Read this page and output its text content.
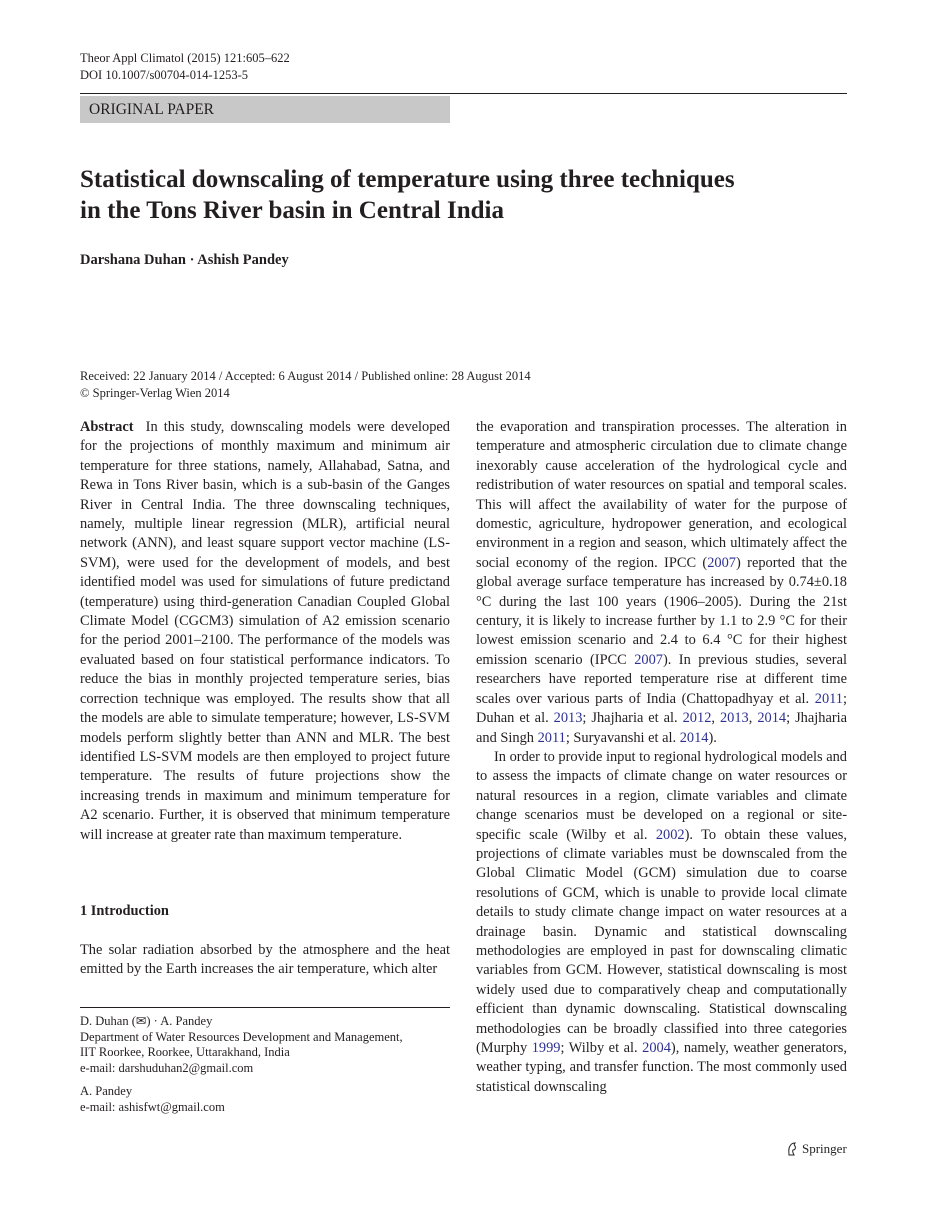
Theor Appl Climatol (2015) 121:605–622
DOI 10.1007/s00704-014-1253-5
ORIGINAL PAPER
Statistical downscaling of temperature using three techniques
in the Tons River basin in Central India
Darshana Duhan · Ashish Pandey
Received: 22 January 2014 / Accepted: 6 August 2014 / Published online: 28 August 2014
© Springer-Verlag Wien 2014

Abstract In this study, downscaling models were developed for the projections of monthly maximum and minimum air temperature for three stations, namely, Allahabad, Satna, and Rewa in Tons River basin, which is a sub-basin of the Ganges River in Central India. The three downscaling techniques, namely, multiple linear regression (MLR), artificial neural network (ANN), and least square support vector machine (LS-SVM), were used for the development of models, and best identified model was used for simulations of future predictand (temperature) using third-generation Canadian Coupled Global Climate Model (CGCM3) simulation of A2 emission scenario for the period 2001–2100. The performance of the models was evaluated based on four statistical performance indicators. To reduce the bias in monthly projected temperature series, bias correction technique was employed. The results show that all the models are able to simulate temperature; however, LS-SVM models perform slightly better than ANN and MLR. The best identified LS-SVM models are then employed to project future temperature. The results of future projections show the increasing trends in maximum and minimum temperature for A2 scenario. Further, it is observed that minimum temperature will increase at greater rate than maximum temperature.

1 Introduction

The solar radiation absorbed by the atmosphere and the heat emitted by the Earth increases the air temperature, which alter

D. Duhan (✉) · A. Pandey

Department of Water Resources Development and Management,

IIT Roorkee, Roorkee, Uttarakhand, India

e-mail: darshuduhan2@gmail.com

A. Pandey

e-mail: ashisfwt@gmail.com

the evaporation and transpiration processes. The alteration in temperature and atmospheric circulation due to climate change inexorably cause acceleration of the hydrological cycle and redistribution of water resources on spatial and temporal scales. This will affect the availability of water for the purpose of domestic, agriculture, hydropower generation, and ecological environment in a region and season, which ultimately affect the social economy of the region. IPCC (2007) reported that the global average surface temperature has increased by 0.74±0.18 °C during the last 100 years (1906–2005). During the 21st century, it is likely to increase further by 1.1 to 2.9 °C for their lowest emission scenario and 2.4 to 6.4 °C for their highest emission scenario (IPCC 2007). In previous studies, several researchers have reported temperature rise at different time scales over various parts of India (Chattopadhyay et al. 2011; Duhan et al. 2013; Jhajharia et al. 2012, 2013, 2014; Jhajharia and Singh 2011; Suryavanshi et al. 2014).

In order to provide input to regional hydrological models and to assess the impacts of climate change on water resources or natural resources in a region, climate variables and climate change scenarios must be developed on a regional or site-specific scale (Wilby et al. 2002). To obtain these values, projections of climate variables must be downscaled from the Global Climatic Model (GCM) simulation due to coarse resolutions of GCM, which is unable to provide local climate details to study climate change impact on water resources at a drainage basin. Dynamic and statistical downscaling methodologies are employed in past for downscaling climatic variables from GCM. However, statistical downscaling is most widely used due to comparatively cheap and computationally efficient than dynamic downscaling. Statistical downscaling methodologies can be broadly classified into three categories (Murphy 1999; Wilby et al. 2004), namely, weather generators, weather typing, and transfer function. The most commonly used statistical downscaling

Springer
